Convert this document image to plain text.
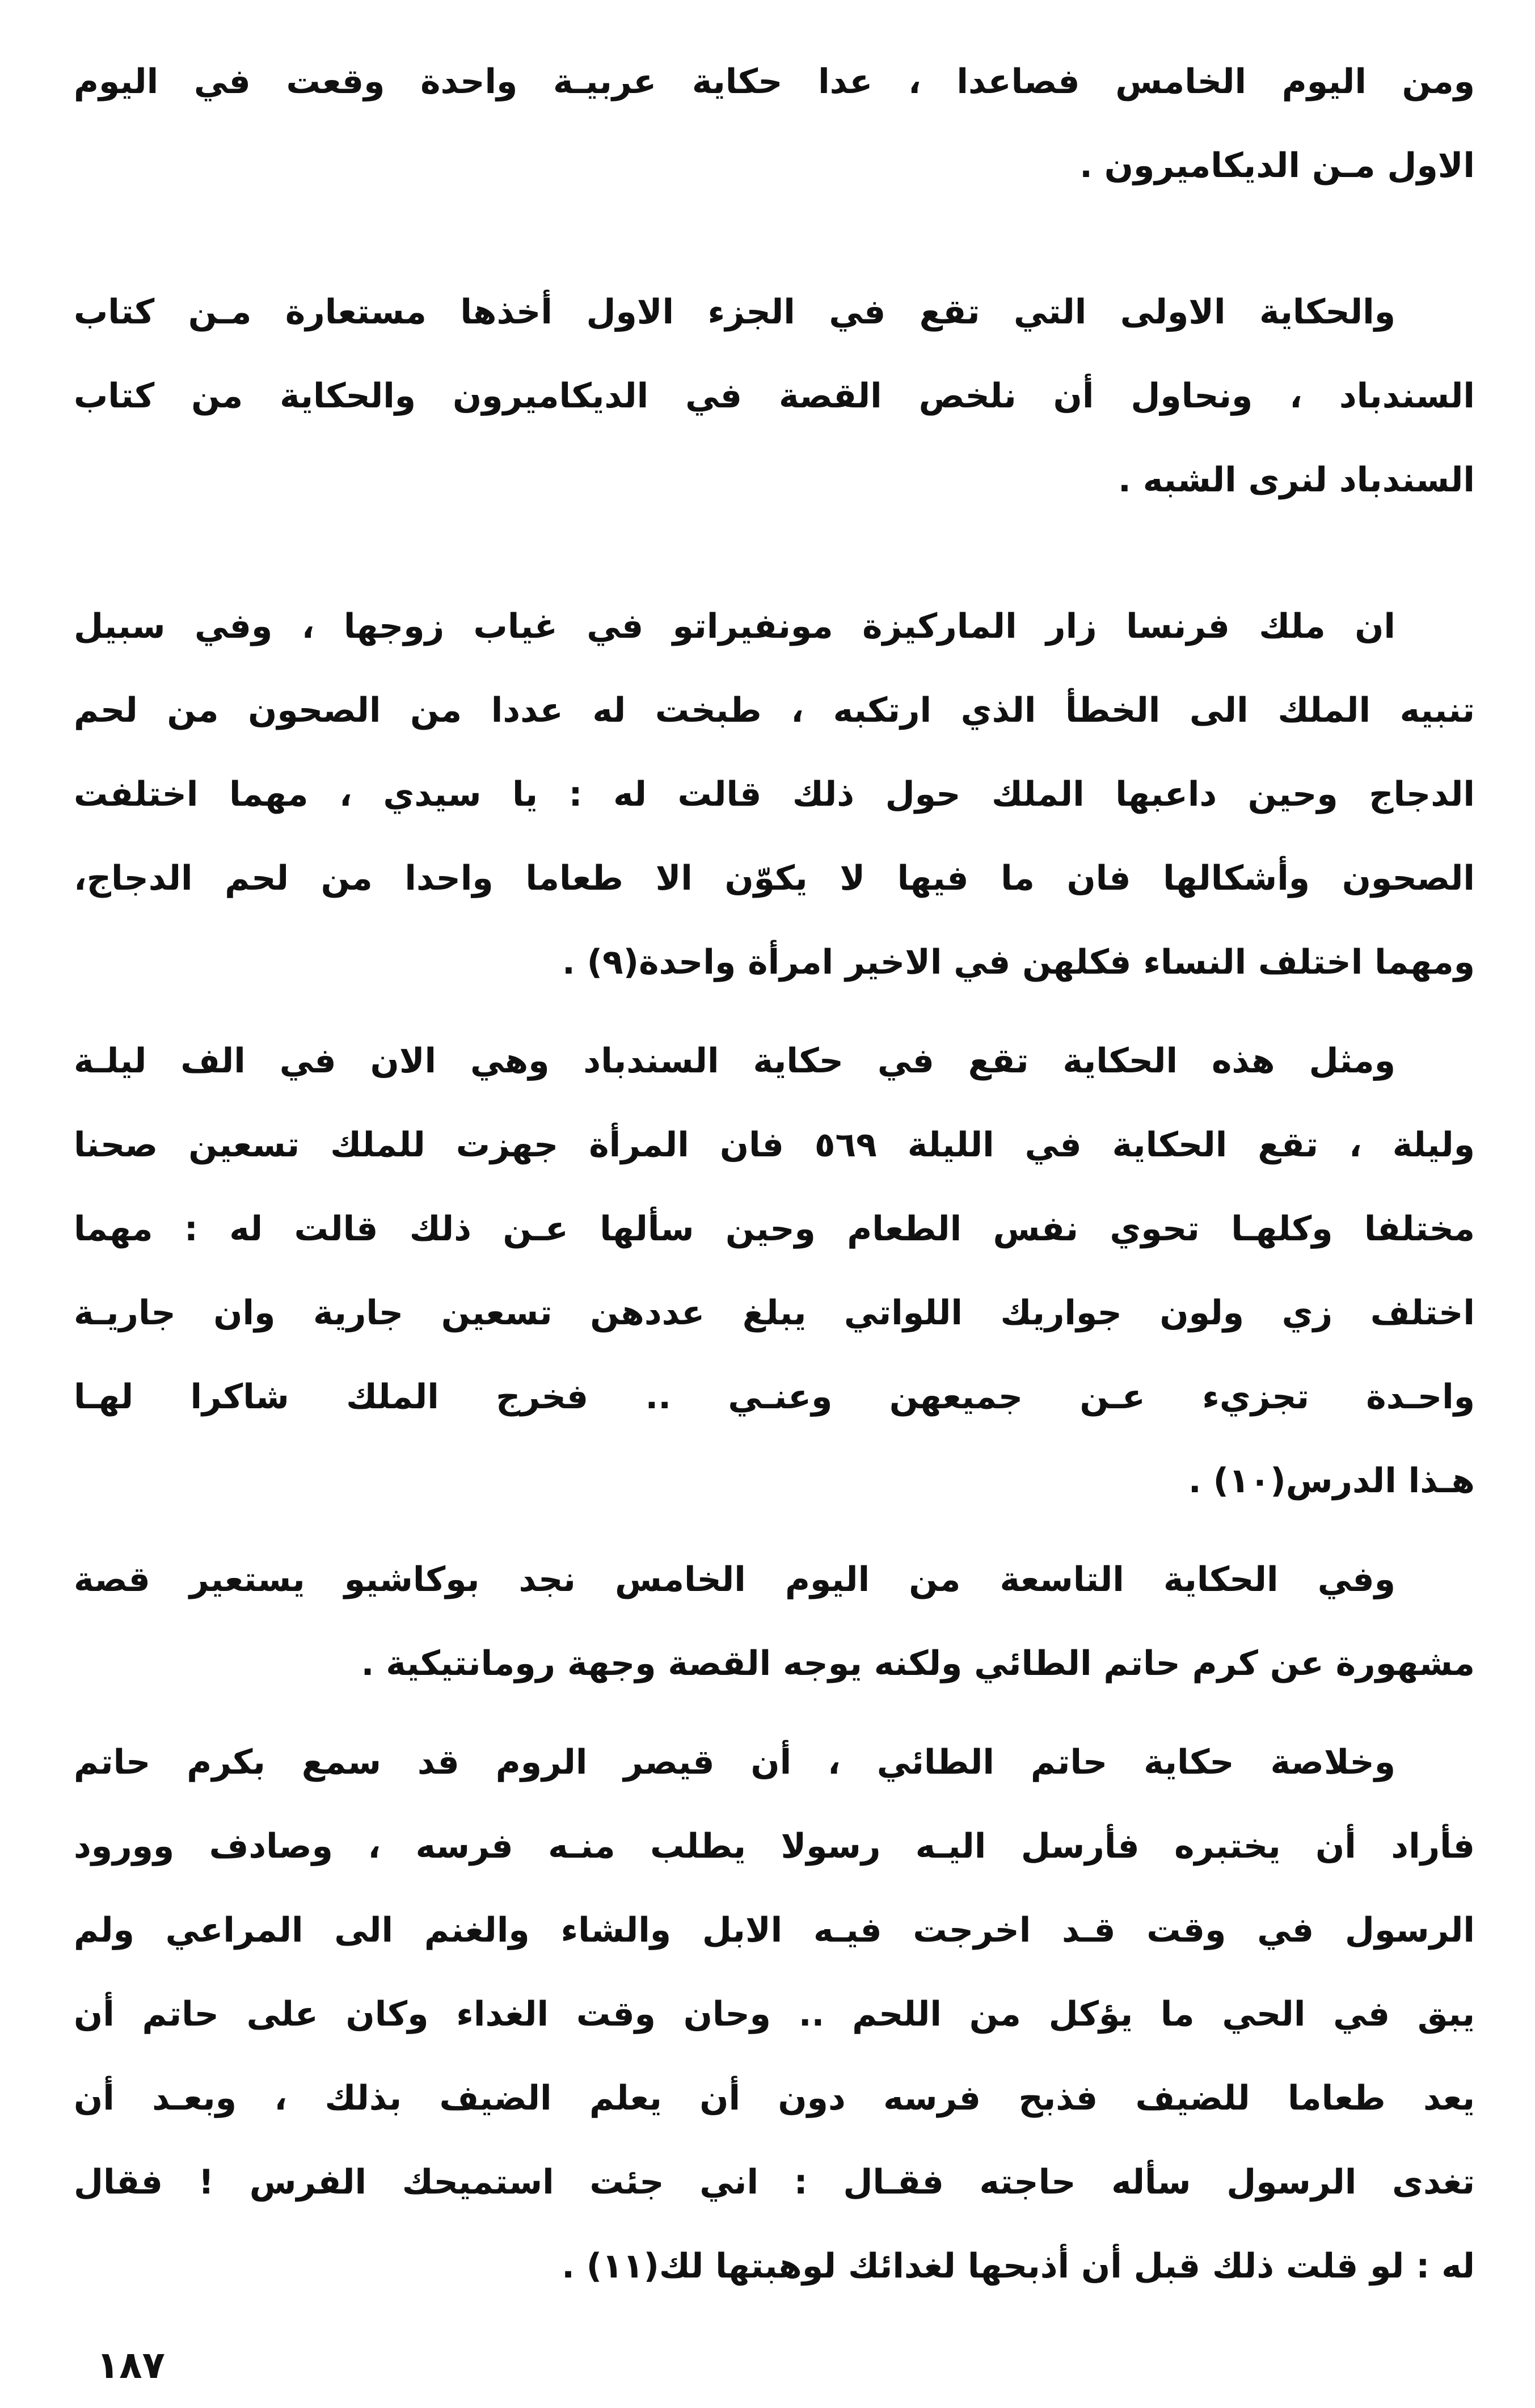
ومن اليوم الخامس فصاعدا ، عدا حكاية عربيـة واحدة وقعت في اليوم
الاول مـن الديكاميرون .
والحكاية الاولى التي تقع في الجزء الاول أخذها مستعارة مـن كتاب
السندباد ، ونحاول أن نلخص القصة في الديكاميرون والحكاية من كتاب
السندباد لنرى الشبه .
ان ملك فرنسا زار الماركيزة مونفيراتو في غياب زوجها ، وفي سبيل
تنبيه الملك الى الخطأ الذي ارتكبه ، طبخت له عددا من الصحون من لحم
الدجاج وحين داعبها الملك حول ذلك قالت له : يا سيدي ، مهما اختلفت
الصحون وأشكالها فان ما فيها لا يكوّن الا طعاما واحدا من لحم الدجاج،
ومهما اختلف النساء فكلهن في الاخير امرأة واحدة(٩) .
ومثل هذه الحكاية تقع في حكاية السندباد وهي الان في الف ليلـة
وليلة ، تقع الحكاية في الليلة ٥٦٩ فان المرأة جهزت للملك تسعين صحنا
مختلفا وكلهـا تحوي نفس الطعام وحين سألها عـن ذلك قالت له : مهما
اختلف زي ولون جواريك اللواتي يبلغ عددهن تسعين جارية وان جاريـة
واحـدة تجزيء عـن جميعهن وعنـي .. فخرج الملك شاكرا لهـا
هـذا الدرس(١٠) .
وفي الحكاية التاسعة من اليوم الخامس نجد بوكاشيو يستعير قصة
مشهورة عن كرم حاتم الطائي ولكنه يوجه القصة وجهة رومانتيكية .
وخلاصة حكاية حاتم الطائي ، أن قيصر الروم قد سمع بكرم حاتم
فأراد أن يختبره فأرسل اليـه رسولا يطلب منـه فرسه ، وصادف وورود
الرسول في وقت قـد اخرجت فيـه الابل والشاء والغنم الى المراعي ولم
يبق في الحي ما يؤكل من اللحم .. وحان وقت الغداء وكان على حاتم أن
يعد طعاما للضيف فذبح فرسه دون أن يعلم الضيف بذلك ، وبعـد أن
تغدى الرسول سأله حاجته فقـال : اني جئت استميحك الفرس ! فقال
له : لو قلت ذلك قبل أن أذبحها لغدائك لوهبتها لك(١١) .
١٨٧
